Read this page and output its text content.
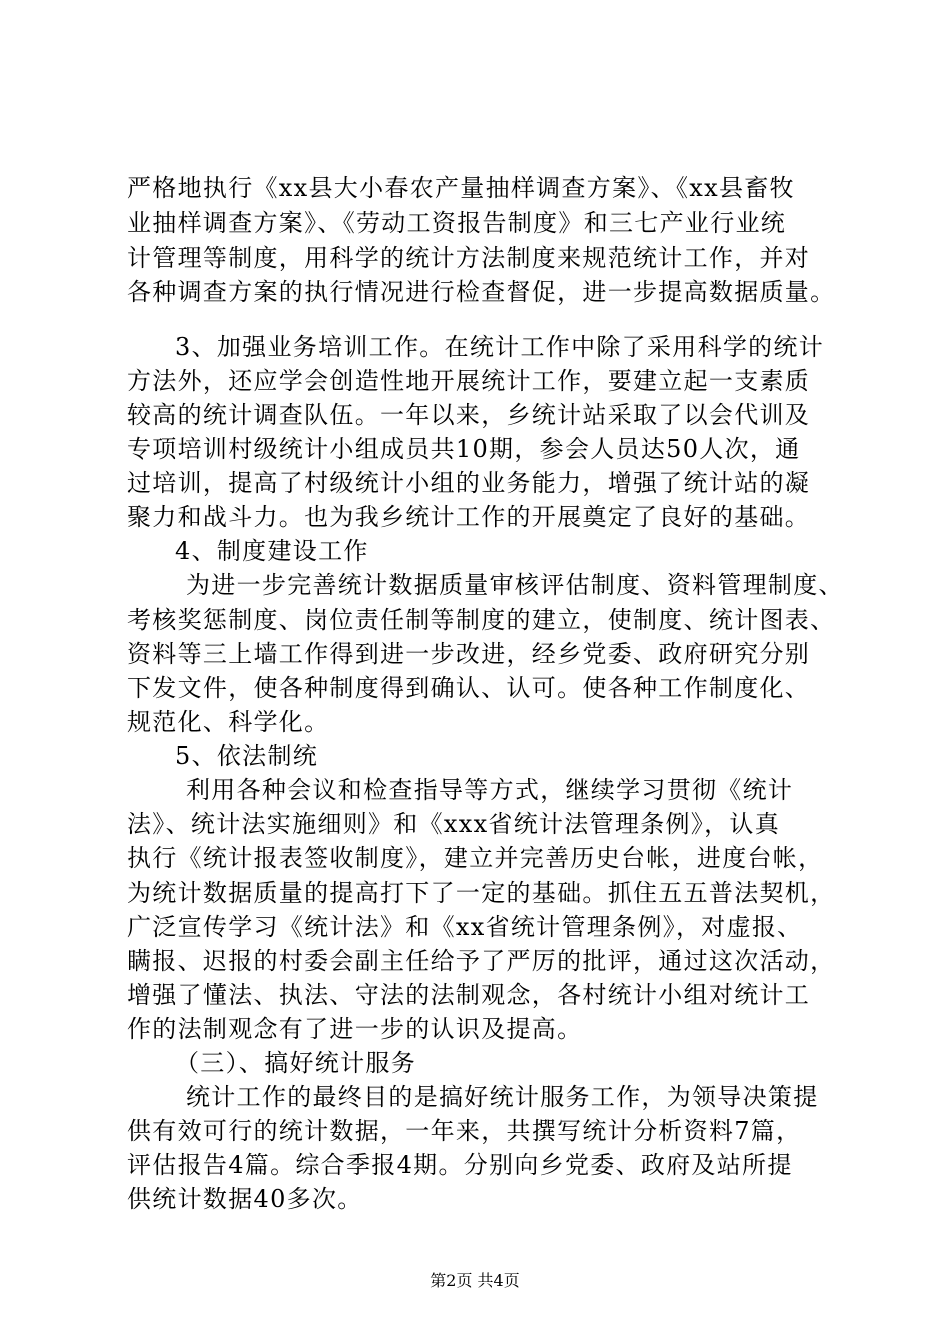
严格地执行《xx县大小春农产量抽样调查方案》、《xx县畜牧
业抽样调查方案》、《劳动工资报告制度》和三七产业行业统
计管理等制度，用科学的统计方法制度来规范统计工作，并对
各种调查方案的执行情况进行检查督促，进一步提高数据质量。
3、加强业务培训工作。在统计工作中除了采用科学的统计
方法外，还应学会创造性地开展统计工作，要建立起一支素质
较高的统计调查队伍。一年以来，乡统计站采取了以会代训及
专项培训村级统计小组成员共10期，参会人员达50人次，通
过培训，提高了村级统计小组的业务能力，增强了统计站的凝
聚力和战斗力。也为我乡统计工作的开展奠定了良好的基础。
4、制度建设工作
为进一步完善统计数据质量审核评估制度、资料管理制度、
考核奖惩制度、岗位责任制等制度的建立，使制度、统计图表、
资料等三上墙工作得到进一步改进，经乡党委、政府研究分别
下发文件，使各种制度得到确认、认可。使各种工作制度化、
规范化、科学化。
5、依法制统
利用各种会议和检查指导等方式，继续学习贯彻《统计
法》、统计法实施细则》和《xxx省统计法管理条例》，认真
执行《统计报表签收制度》，建立并完善历史台帐，进度台帐，
为统计数据质量的提高打下了一定的基础。抓住五五普法契机，
广泛宣传学习《统计法》和《xx省统计管理条例》，对虚报、
瞒报、迟报的村委会副主任给予了严厉的批评，通过这次活动，
增强了懂法、执法、守法的法制观念，各村统计小组对统计工
作的法制观念有了进一步的认识及提高。
（三）、搞好统计服务
统计工作的最终目的是搞好统计服务工作，为领导决策提
供有效可行的统计数据，一年来，共撰写统计分析资料7篇，
评估报告4篇。综合季报4期。分别向乡党委、政府及站所提
供统计数据40多次。
第2页 共4页
